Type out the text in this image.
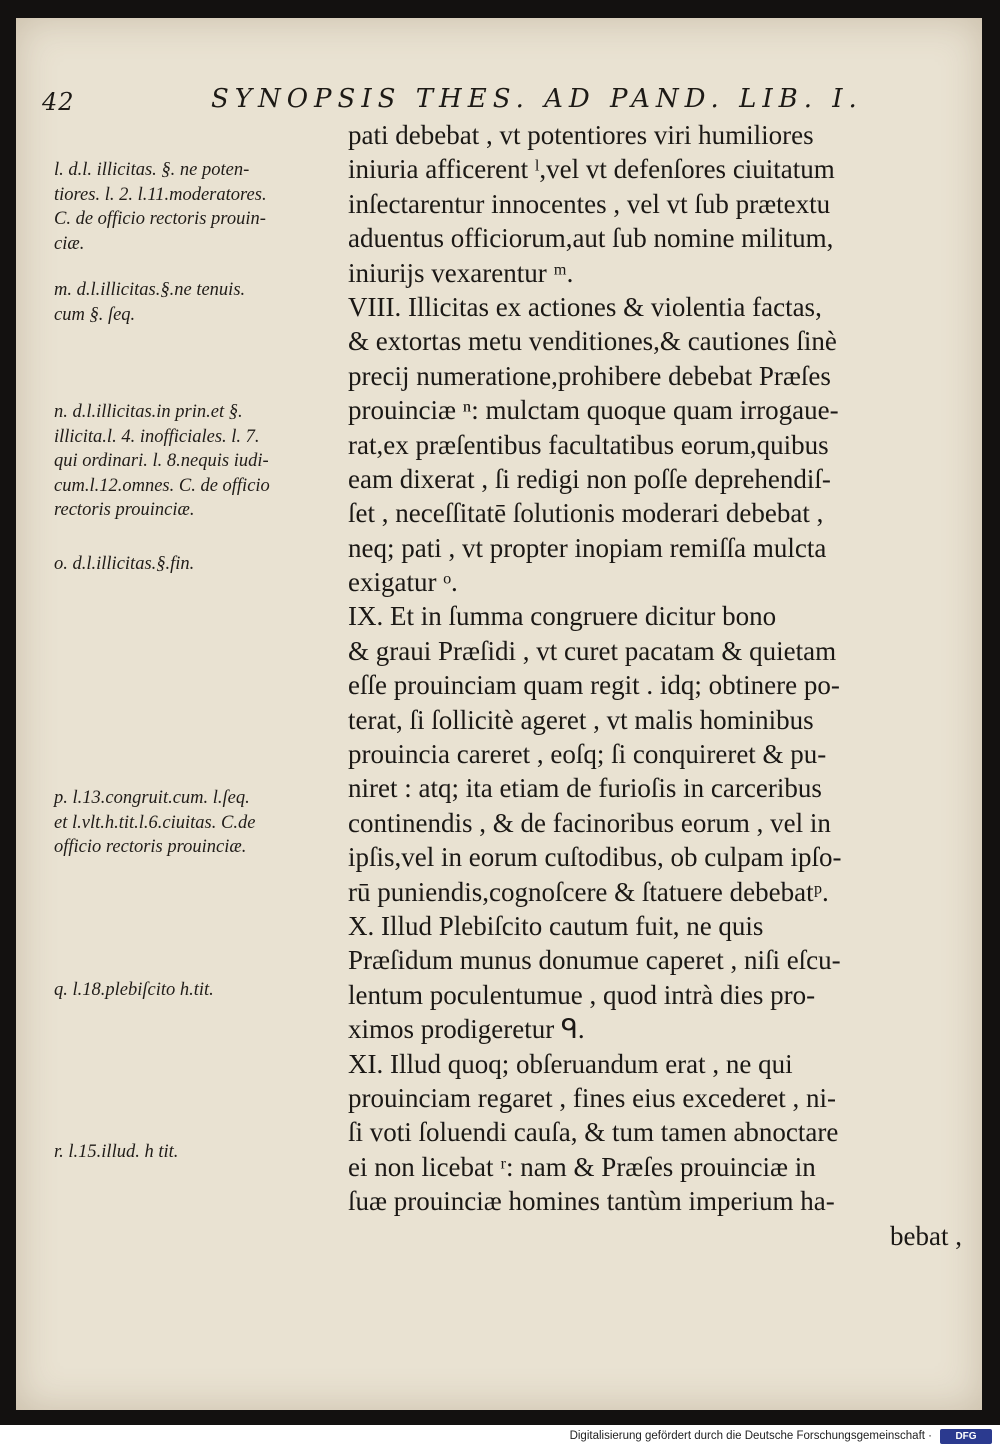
42	SYNOPSIS THES. AD PAND. LIB. I.
pati debebat , vt potentiores viri humiliores
iniuria afficerent ˡ,vel vt defenſores ciuitatum
inſectarentur innocentes , vel vt ſub prætextu
aduentus officiorum,aut ſub nomine militum,
iniurijs vexarentur ᵐ.
VIII. Illicitas ex actiones & violentia factas,
& extortas metu venditiones,& cautiones ſinè
precij numeratione,prohibere debebat Præſes
prouinciæ ⁿ: mulctam quoque quam irrogaue-
rat,ex præſentibus facultatibus eorum,quibus
eam dixerat , ſi redigi non poſſe deprehendiſ-
ſet , neceſſitatē ſolutionis moderari debebat ,
neq; pati , vt propter inopiam remiſſa mulcta
exigatur ᵒ.
IX. Et in ſumma congruere dicitur bono
& graui Præſidi , vt curet pacatam & quietam
eſſe prouinciam quam regit . idq; obtinere po-
terat, ſi ſollicitè ageret , vt malis hominibus
prouincia careret , eoſq; ſi conquireret & pu-
niret : atq; ita etiam de furioſis in carceribus
continendis , & de facinoribus eorum , vel in
ipſis,vel in eorum cuſtodibus, ob culpam ipſo-
rū puniendis,cognoſcere & ſtatuere debebatᵖ.
X. Illud Plebiſcito cautum fuit, ne quis
Præſidum munus donumue caperet , niſi eſcu-
lentum poculentumue , quod intrà dies pro-
ximos prodigeretur ᑫ.
XI. Illud quoq; obſeruandum erat , ne qui
prouinciam regaret , fines eius excederet , ni-
ſi voti ſoluendi cauſa, & tum tamen abnoctare
ei non licebat ʳ: nam & Præſes prouinciæ in
ſuæ prouinciæ homines tantùm imperium ha-
bebat ,
l. d.l. illicitas. §. ne poten-
tiores. l. 2. l.11.moderatores.
C. de officio rectoris prouin-
ciæ.
m. d.l.illicitas.§.ne tenuis.
cum §. ſeq.
n. d.l.illicitas.in prin.et §.
illicita.l. 4. inofficiales. l. 7.
qui ordinari. l. 8.nequis iudi-
cum.l.12.omnes. C. de officio
rectoris prouinciæ.
o. d.l.illicitas.§.fin.
p. l.13.congruit.cum. l.ſeq.
et l.vlt.h.tit.l.6.ciuitas. C.de
officio rectoris prouinciæ.
q. l.18.plebiſcito h.tit.
r. l.15.illud. h tit.
Digitalisierung gefördert durch die Deutsche Forschungsgemeinschaft ·	DFG
